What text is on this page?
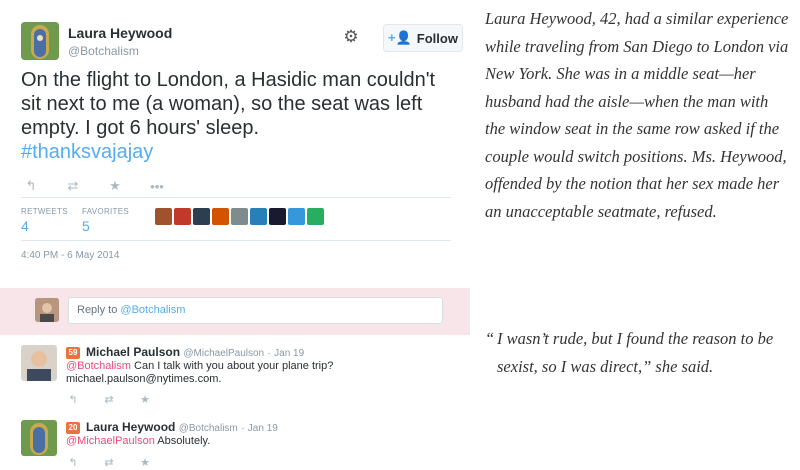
Laura Heywood
@Botchalism
⚙ +👤 Follow
On the flight to London, a Hasidic man couldn't sit next to me (a woman), so the seat was left empty. I got 6 hours' sleep.
#thanksvajajay
↰ ⇄ ★ •••
RETWEETS
4
FAVORITES
5
4:40 PM - 6 May 2014
Reply to @Botchalism
59 Michael Paulson @MichaelPaulson · Jan 19
@Botchalism Can I talk with you about your plane trip?
michael.paulson@nytimes.com.
↰ ⇄ ★
20 Laura Heywood @Botchalism · Jan 19
@MichaelPaulson Absolutely.
↰ ⇄ ★

Laura Heywood, 42, had a similar experience while traveling from San Diego to London via New York. She was in a middle seat—her husband had the aisle—when the man with the window seat in the same row asked if the couple would switch positions. Ms. Heywood, offended by the notion that her sex made her an unacceptable seatmate, refused.

“ I wasn’t rude, but I found the reason to be sexist, so I was direct,” she said.
